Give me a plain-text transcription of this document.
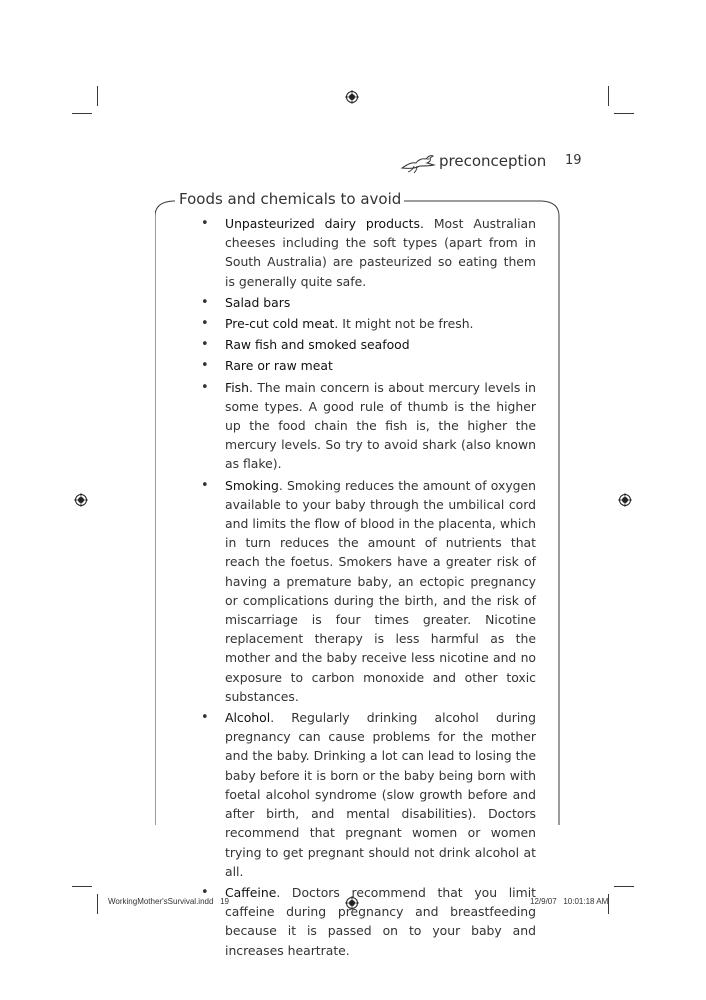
preconception 19
Foods and chemicals to avoid
• Unpasteurized dairy products. Most Australian cheeses including the soft types (apart from in South Australia) are pasteurized so eating them is generally quite safe.
• Salad bars
• Pre-cut cold meat. It might not be fresh.
• Raw fish and smoked seafood
• Rare or raw meat
• Fish. The main concern is about mercury levels in some types. A good rule of thumb is the higher up the food chain the fish is, the higher the mercury levels. So try to avoid shark (also known as flake).
• Smoking. Smoking reduces the amount of oxygen available to your baby through the umbilical cord and limits the flow of blood in the placenta, which in turn reduces the amount of nutrients that reach the foetus. Smokers have a greater risk of having a premature baby, an ectopic pregnancy or complications during the birth, and the risk of miscarriage is four times greater. Nicotine replacement therapy is less harmful as the mother and the baby receive less nicotine and no exposure to carbon monoxide and other toxic substances.
• Alcohol. Regularly drinking alcohol during pregnancy can cause problems for the mother and the baby. Drinking a lot can lead to losing the baby before it is born or the baby being born with foetal alcohol syndrome (slow growth before and after birth, and mental disabilities). Doctors recommend that pregnant women or women trying to get pregnant should not drink alcohol at all.
• Caffeine. Doctors recommend that you limit caffeine during pregnancy and breastfeeding because it is passed on to your baby and increases heartrate.
WorkingMother'sSurvival.indd   19	12/9/07   10:01:18 AM
